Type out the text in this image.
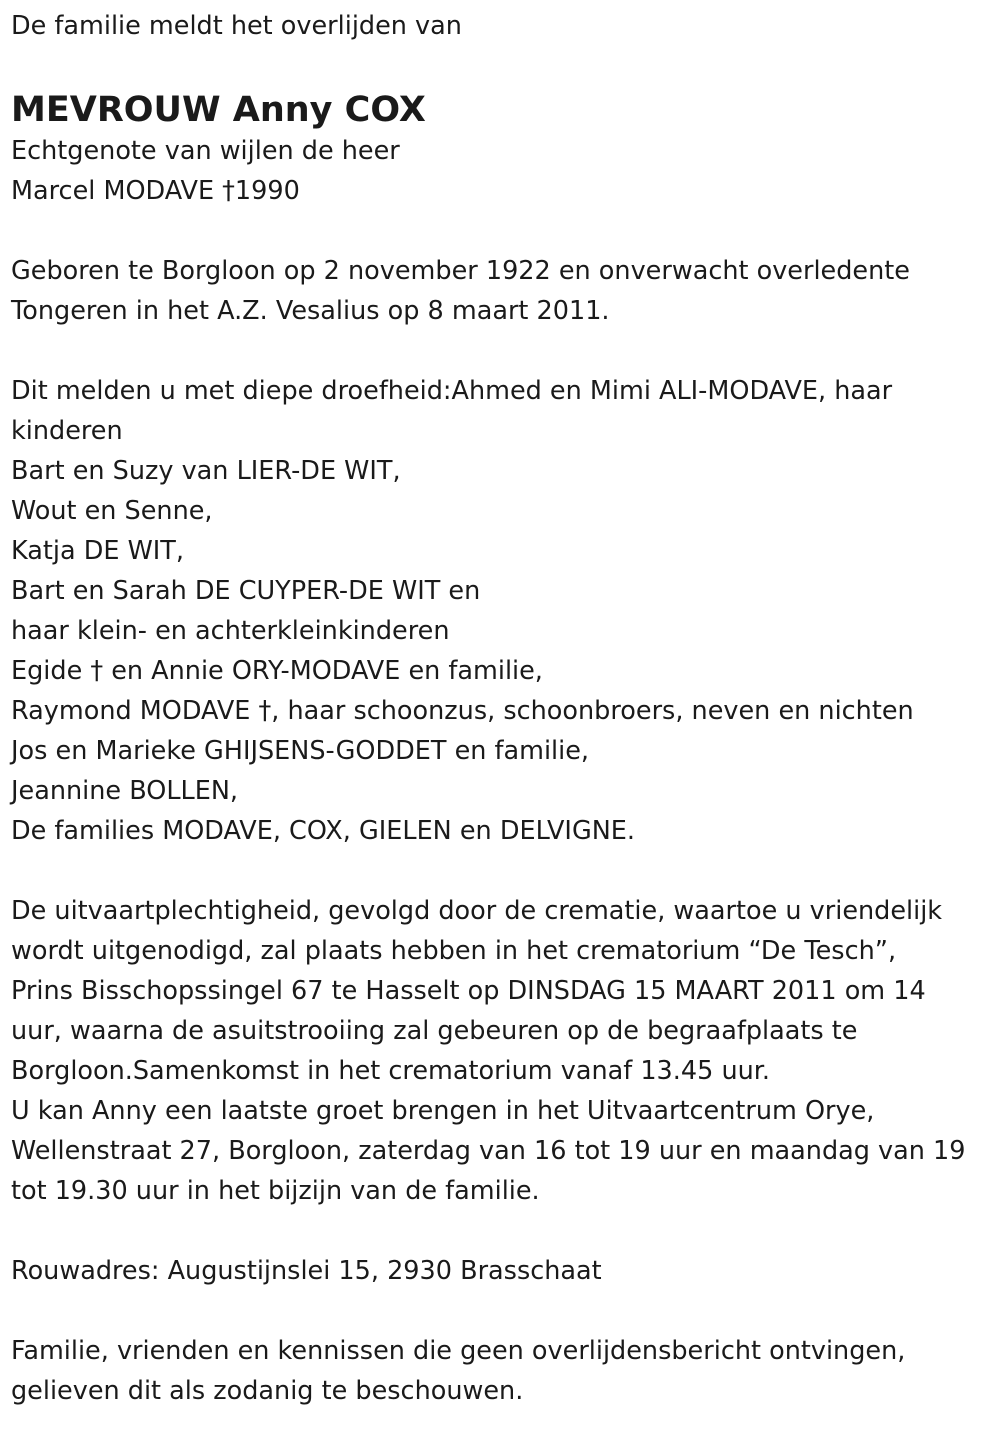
De familie meldt het overlijden van
MEVROUW Anny COX
Echtgenote van wijlen de heer
Marcel MODAVE †1990
Geboren te Borgloon op 2 november 1922 en onverwacht overledente
Tongeren in het A.Z. Vesalius op 8 maart 2011.
Dit melden u met diepe droefheid:Ahmed en Mimi ALI-MODAVE, haar
kinderen
Bart en Suzy van LIER-DE WIT,
Wout en Senne,
Katja DE WIT,
Bart en Sarah DE CUYPER-DE WIT en
haar klein- en achterkleinkinderen
Egide † en Annie ORY-MODAVE en familie,
Raymond MODAVE †, haar schoonzus, schoonbroers, neven en nichten
Jos en Marieke GHIJSENS-GODDET en familie,
Jeannine BOLLEN,
De families MODAVE, COX, GIELEN en DELVIGNE.
De uitvaartplechtigheid, gevolgd door de crematie, waartoe u vriendelijk
wordt uitgenodigd, zal plaats hebben in het crematorium “De Tesch”,
Prins Bisschopssingel 67 te Hasselt op DINSDAG 15 MAART 2011 om 14
uur, waarna de asuitstrooiing zal gebeuren op de begraafplaats te
Borgloon.Samenkomst in het crematorium vanaf 13.45 uur.
U kan Anny een laatste groet brengen in het Uitvaartcentrum Orye,
Wellenstraat 27, Borgloon, zaterdag van 16 tot 19 uur en maandag van 19
tot 19.30 uur in het bijzijn van de familie.
Rouwadres: Augustijnslei 15, 2930 Brasschaat
Familie, vrienden en kennissen die geen overlijdensbericht ontvingen,
gelieven dit als zodanig te beschouwen.
